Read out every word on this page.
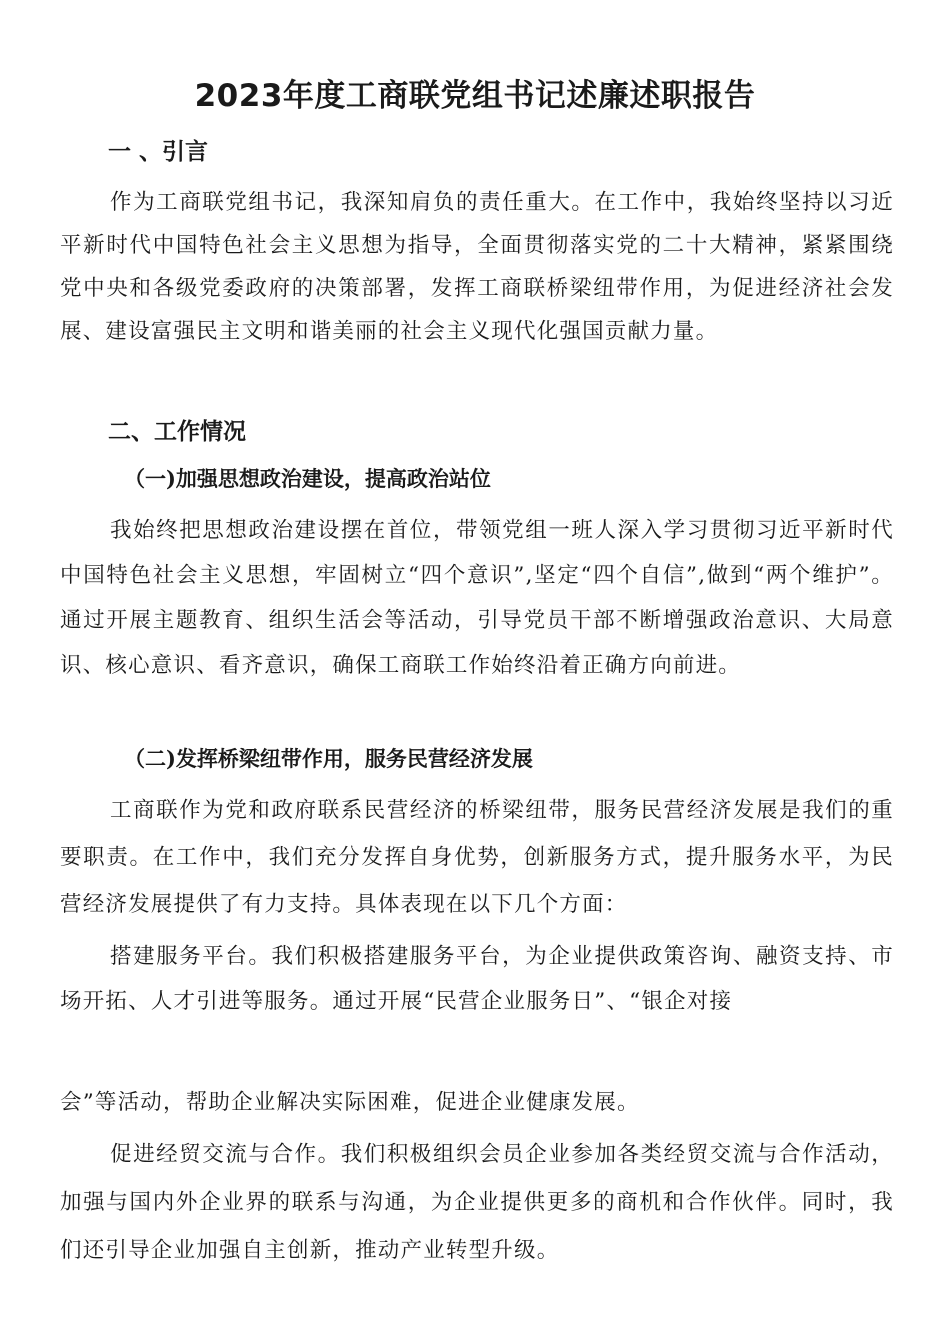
2023年度工商联党组书记述廉述职报告
一 、引言
作为工商联党组书记，我深知肩负的责任重大。在工作中，我始终坚持以习近平新时代中国特色社会主义思想为指导，全面贯彻落实党的二十大精神，紧紧围绕党中央和各级党委政府的决策部署，发挥工商联桥梁纽带作用，为促进经济社会发展、建设富强民主文明和谐美丽的社会主义现代化强国贡献力量。
二、工作情况
（一)加强思想政治建设，提高政治站位
我始终把思想政治建设摆在首位，带领党组一班人深入学习贯彻习近平新时代中国特色社会主义思想，牢固树立“四个意识”,坚定“四个自信”,做到“两个维护”。通过开展主题教育、组织生活会等活动，引导党员干部不断增强政治意识、大局意识、核心意识、看齐意识，确保工商联工作始终沿着正确方向前进。
（二)发挥桥梁纽带作用，服务民营经济发展
工商联作为党和政府联系民营经济的桥梁纽带，服务民营经济发展是我们的重要职责。在工作中，我们充分发挥自身优势，创新服务方式，提升服务水平，为民营经济发展提供了有力支持。具体表现在以下几个方面：
搭建服务平台。我们积极搭建服务平台，为企业提供政策咨询、融资支持、市场开拓、人才引进等服务。通过开展“民营企业服务日”、“银企对接
会”等活动，帮助企业解决实际困难，促进企业健康发展。
促进经贸交流与合作。我们积极组织会员企业参加各类经贸交流与合作活动，加强与国内外企业界的联系与沟通，为企业提供更多的商机和合作伙伴。同时，我们还引导企业加强自主创新，推动产业转型升级。
